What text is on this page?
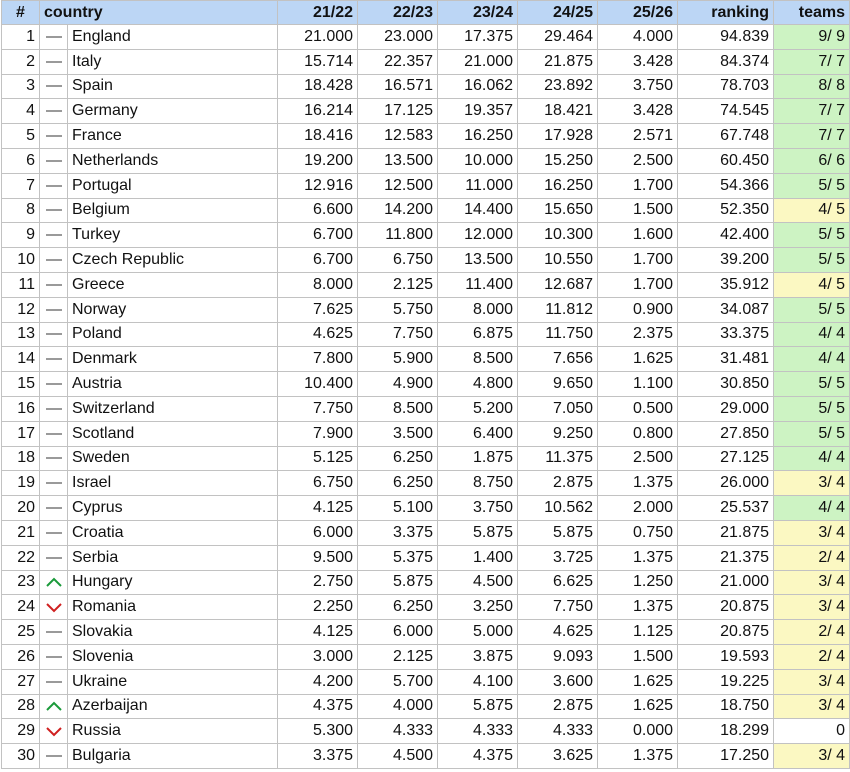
#	country		21/22	22/23	23/24	24/25	25/26	ranking	teams
1		England	21.000	23.000	17.375	29.464	4.000	94.839	9/ 9
2		Italy	15.714	22.357	21.000	21.875	3.428	84.374	7/ 7
3		Spain	18.428	16.571	16.062	23.892	3.750	78.703	8/ 8
4		Germany	16.214	17.125	19.357	18.421	3.428	74.545	7/ 7
5		France	18.416	12.583	16.250	17.928	2.571	67.748	7/ 7
6		Netherlands	19.200	13.500	10.000	15.250	2.500	60.450	6/ 6
7		Portugal	12.916	12.500	11.000	16.250	1.700	54.366	5/ 5
8		Belgium	6.600	14.200	14.400	15.650	1.500	52.350	4/ 5
9		Turkey	6.700	11.800	12.000	10.300	1.600	42.400	5/ 5
10		Czech Republic	6.700	6.750	13.500	10.550	1.700	39.200	5/ 5
11		Greece	8.000	2.125	11.400	12.687	1.700	35.912	4/ 5
12		Norway	7.625	5.750	8.000	11.812	0.900	34.087	5/ 5
13		Poland	4.625	7.750	6.875	11.750	2.375	33.375	4/ 4
14		Denmark	7.800	5.900	8.500	7.656	1.625	31.481	4/ 4
15		Austria	10.400	4.900	4.800	9.650	1.100	30.850	5/ 5
16		Switzerland	7.750	8.500	5.200	7.050	0.500	29.000	5/ 5
17		Scotland	7.900	3.500	6.400	9.250	0.800	27.850	5/ 5
18		Sweden	5.125	6.250	1.875	11.375	2.500	27.125	4/ 4
19		Israel	6.750	6.250	8.750	2.875	1.375	26.000	3/ 4
20		Cyprus	4.125	5.100	3.750	10.562	2.000	25.537	4/ 4
21		Croatia	6.000	3.375	5.875	5.875	0.750	21.875	3/ 4
22		Serbia	9.500	5.375	1.400	3.725	1.375	21.375	2/ 4
23		Hungary	2.750	5.875	4.500	6.625	1.250	21.000	3/ 4
24		Romania	2.250	6.250	3.250	7.750	1.375	20.875	3/ 4
25		Slovakia	4.125	6.000	5.000	4.625	1.125	20.875	2/ 4
26		Slovenia	3.000	2.125	3.875	9.093	1.500	19.593	2/ 4
27		Ukraine	4.200	5.700	4.100	3.600	1.625	19.225	3/ 4
28		Azerbaijan	4.375	4.000	5.875	2.875	1.625	18.750	3/ 4
29		Russia	5.300	4.333	4.333	4.333	0.000	18.299	0
30		Bulgaria	3.375	4.500	4.375	3.625	1.375	17.250	3/ 4
